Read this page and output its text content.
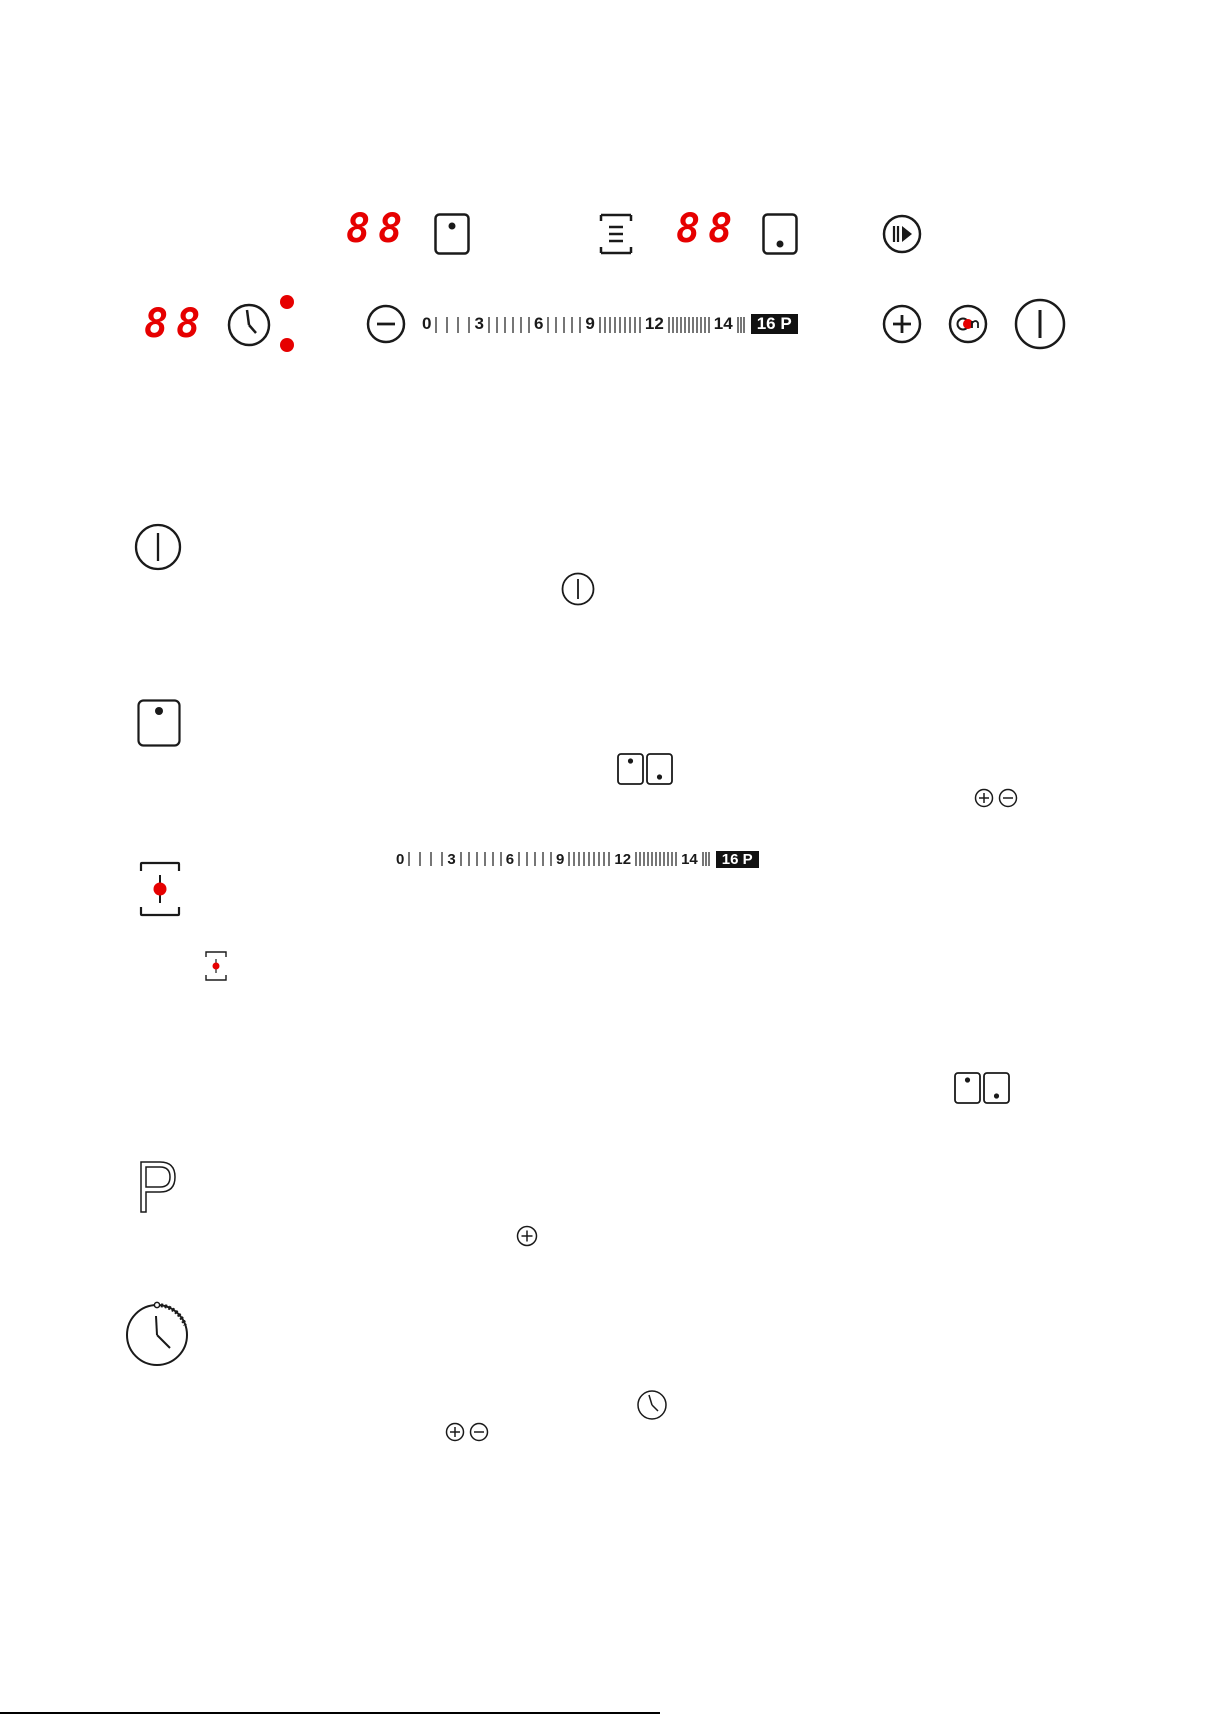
88	88
88	0	3	6 9	12	14	16 P
0	3	6	9	12	14	16 P
